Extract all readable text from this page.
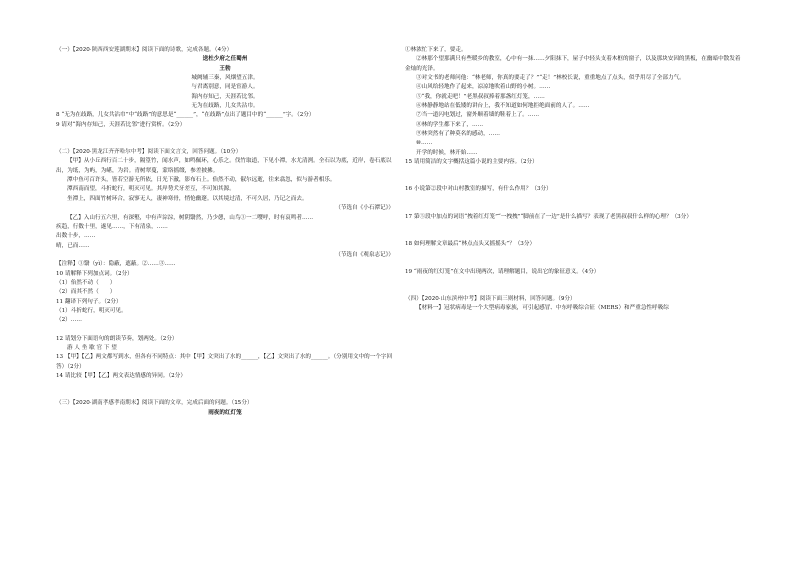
（一）【2020·陕西西安莲湖期末】阅读下面的诗歌，完成各题。（4分）

送杜少府之任蜀州

王勃

城阙辅三秦，风烟望五津。

与君离别意，同是宦游人。

海内存知己，天涯若比邻。

无为在歧路，儿女共沾巾。

8 “无为在歧路，儿女共沾巾”中“歧路”的意思是“______”，“在歧路”点出了题目中的“______”字。（2分）

9 请对“海内存知己，天涯若比邻”进行赏析。（2分）

（二）【2020·黑龙江齐齐哈尔中考】阅读下面文言文，回答问题。（10分）

【甲】从小丘西行百二十步，隔篁竹，闻水声，如鸣佩环，心乐之。伐竹取道，下见小潭，水尤清洌。全石以为底，近岸，卷石底以出，为坻，为屿，为嵁，为岩。青树翠蔓，蒙络摇缀，参差披拂。

潭中鱼可百许头，皆若空游无所依，日光下澈，影布石上。佁然不动，俶尔远逝，往来翕忽，似与游者相乐。

潭西南而望，斗折蛇行，明灭可见。其岸势犬牙差互，不可知其源。

坐潭上，四面竹树环合，寂寥无人，凄神寒骨，悄怆幽邃。以其境过清，不可久居，乃记之而去。

（节选自《小石潭记》）

【乙】入山行五六里，有深壑，中有声淙淙，树阴翳然，乃少憩，山鸟①一二嘤呼，时有哀鸣者……

疾趋，行数十里，遂见……，下有清泉，……

出数十步，……

晴，已而……

（节选自《观泉志记》）

【注释】①翳（yì）：隐蔽，遮蔽。②……③……

10 请解释下列加点词。（2分）

（1）佁然不动（　　）

（2）而其不然（　　）

11 翻译下列句子。（2分）

（1）斗折蛇行，明灭可见。

（2）……

12 请划分下面语句的朗读节奏，划两处。（2分）

游 人 坐 歇 官 下 望

13 【甲】【乙】两文都写到水，但各有不同特点：其中【甲】文突出了水的______，【乙】文突出了水的______。（分别用文中的一个字回答）（2分）

14 请比较【甲】【乙】两文表达情感的异同。（2分）

（三）【2020·湖南孝感孝南期末】阅读下面的文章，完成后面的问题。（15分）

雨夜的红灯笼

①林浓忙下来了，要走。

②林那个望那满只有些暖乡的教室，心中有一抹……夕阳抹下，屋子中轻头支着木框的窗子，以及那块安因的黑板，在幽暗中散发着金灿的光泽。

③对文书的老师问他：“林老师，你真的要走了？”“走！”林校长说，重重地点了点头，似乎用尽了全部力气。

④山风给轻地作了起来，凉凉地吹着山野的小树。……

⑤“我，你就走吧！”老黑叔叔捧着那盏红灯笼，……

⑥林静静地站在低矮的讲台上，我不知道如何地拒绝面前的人了。……

⑦当一道闪电划过，窗外顺着墙的鞋着上了。……

⑧林的学生都下来了，……

⑨林突然有了种莫名的感动，……

⑩……

开学的时候，林开始……

15 请用简洁的文字概括这篇小说的主要内容。（2分）

16 小说第②段中对山村教室的描写，有什么作用？（3分）

17 第⑤段中加点的词语“拽着红灯笼”“一拽拽”“脚前在了一边”是什么描写？表现了老黑叔叔什么样的心理？（3分）

18 如何理解文章最后“林点点头又摇摇头”？（3分）

19 “雨夜的红灯笼”在文中出现两次，请理解题目，说出它的象征意义。（4分）

（四）【2020·山东滨州中考】阅读下面三则材料，回答问题。（9分）

【材料一】冠状病毒是一个大型病毒家族，可引起感冒、中东呼吸综合征（MERS）和严重急性呼吸综
